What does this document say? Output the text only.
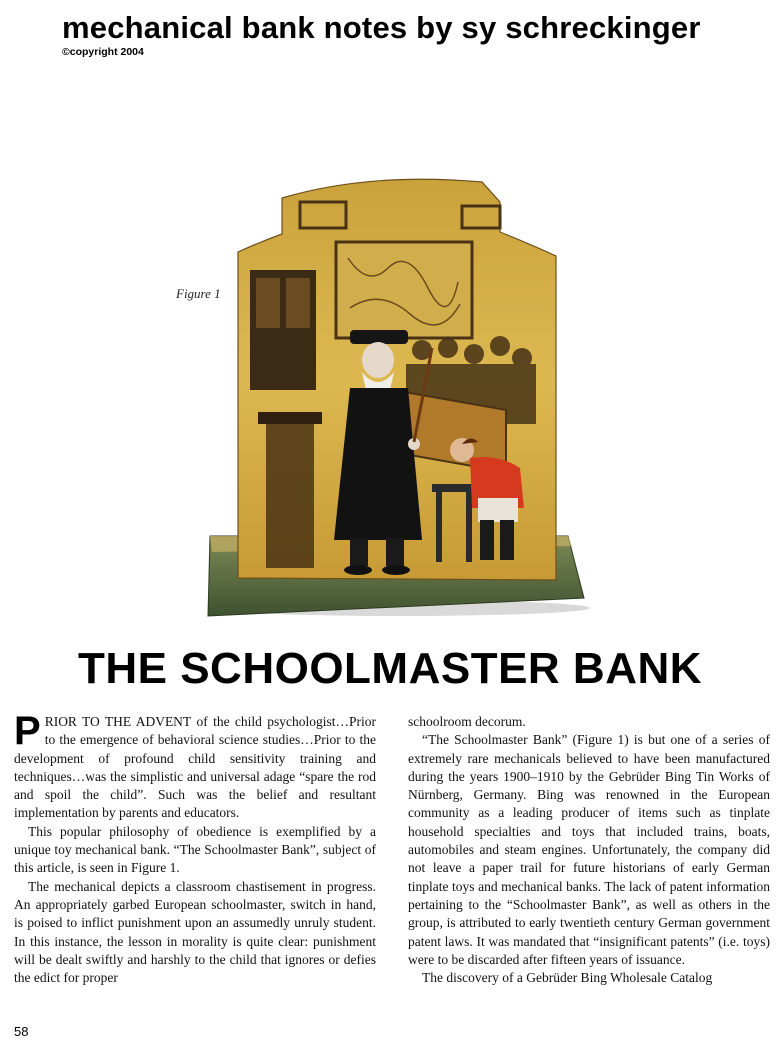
mechanical bank notes by sy schreckinger
©copyright 2004
Figure 1
THE SCHOOLMASTER BANK

PRIOR TO THE ADVENT of the child psychologist…Prior to the emergence of behavioral science studies…Prior to the development of profound child sensitivity training and techniques…was the simplistic and universal adage “spare the rod and spoil the child”. Such was the belief and resultant implementation by parents and educators.

This popular philosophy of obedience is exemplified by a unique toy mechanical bank. “The Schoolmaster Bank”, subject of this article, is seen in Figure 1.

The mechanical depicts a classroom chastisement in progress. An appropriately garbed European schoolmaster, switch in hand, is poised to inflict punishment upon an assumedly unruly student. In this instance, the lesson in morality is quite clear: punishment will be dealt swiftly and harshly to the child that ignores or defies the edict for proper

schoolroom decorum.

“The Schoolmaster Bank” (Figure 1) is but one of a series of extremely rare mechanicals believed to have been manufactured during the years 1900–1910 by the Gebrüder Bing Tin Works of Nürnberg, Germany. Bing was renowned in the European community as a leading producer of items such as tinplate household specialties and toys that included trains, boats, automobiles and steam engines. Unfortunately, the company did not leave a paper trail for future historians of early German tinplate toys and mechanical banks. The lack of patent information pertaining to the “Schoolmaster Bank”, as well as others in the group, is attributed to early twentieth century German government patent laws. It was mandated that “insignificant patents” (i.e. toys) were to be discarded after fifteen years of issuance.

The discovery of a Gebrüder Bing Wholesale Catalog

58
